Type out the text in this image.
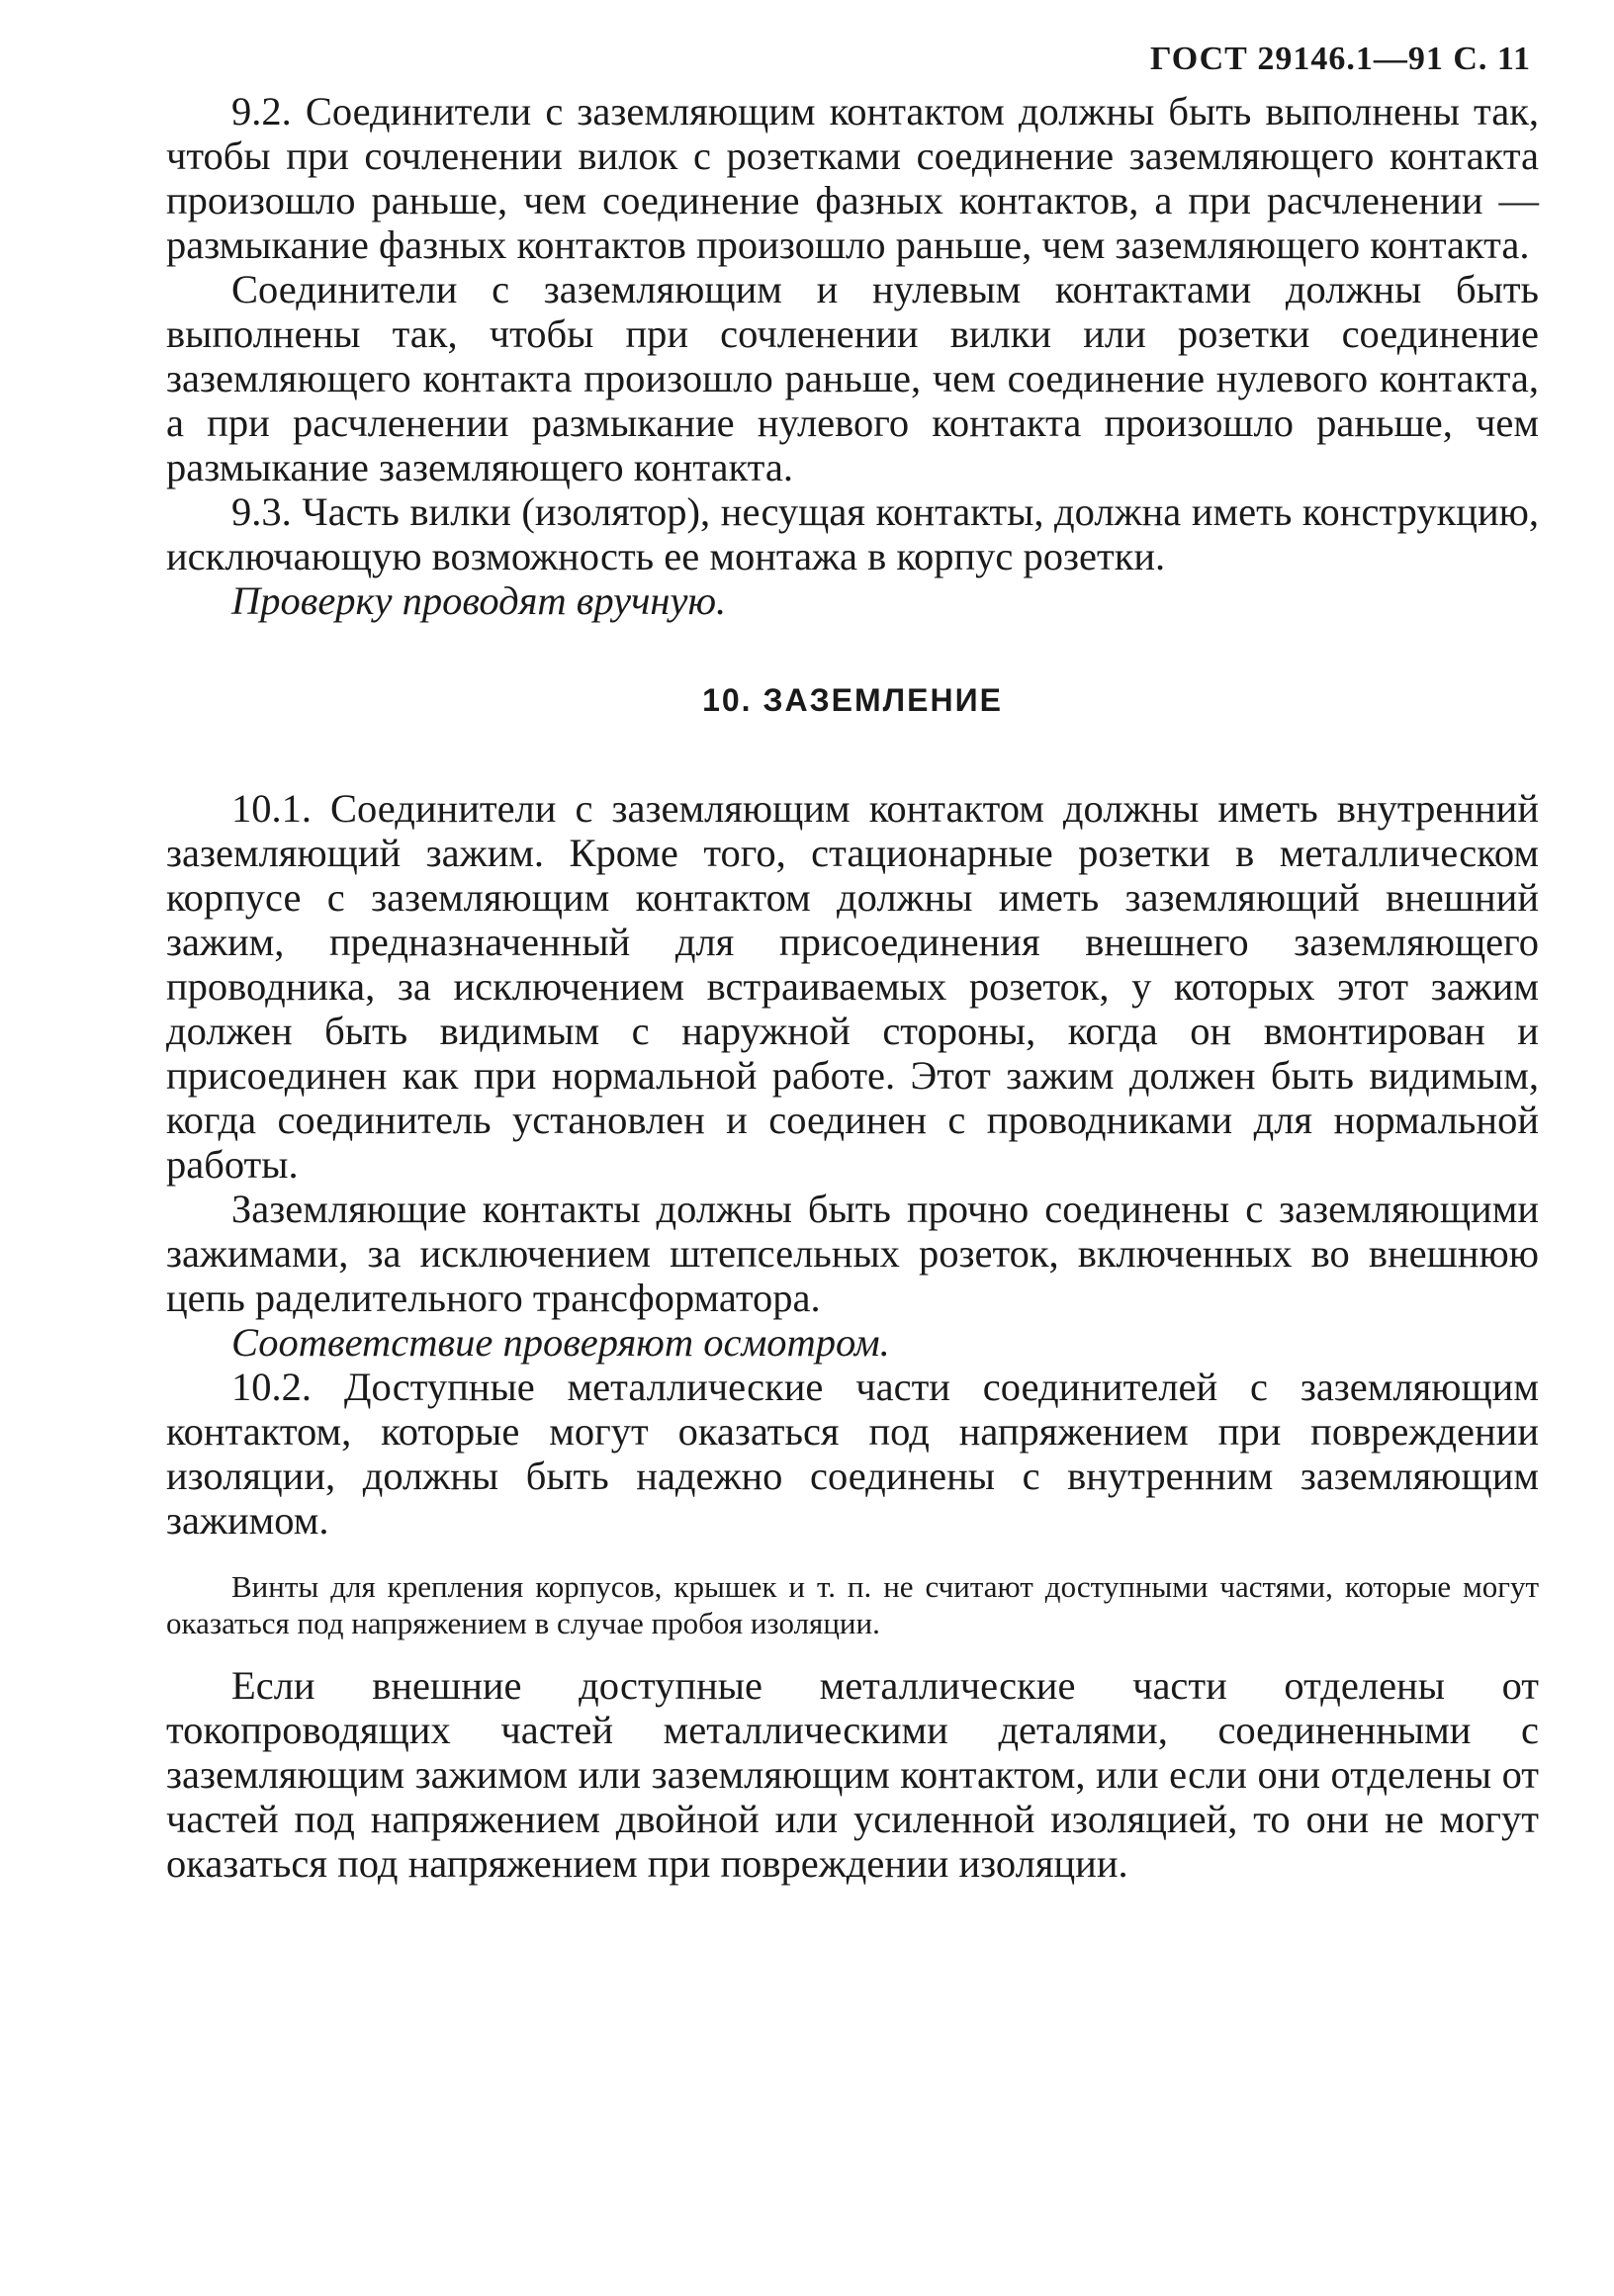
ГОСТ 29146.1—91 С. 11

9.2. Соединители с заземляющим контактом должны быть выполнены так, чтобы при сочленении вилок с розетками соединение заземляющего контакта произошло раньше, чем соединение фазных контактов, а при расчленении — размыкание фазных контактов произошло раньше, чем заземляющего контакта.

Соединители с заземляющим и нулевым контактами должны быть выполнены так, чтобы при сочленении вилки или розетки соединение заземляющего контакта произошло раньше, чем соединение нулевого контакта, а при расчленении размыкание нулевого контакта произошло раньше, чем размыкание заземляющего контакта.

9.3. Часть вилки (изолятор), несущая контакты, должна иметь конструкцию, исключающую возможность ее монтажа в корпус розетки.

Проверку проводят вручную.

10. ЗАЗЕМЛЕНИЕ

10.1. Соединители с заземляющим контактом должны иметь внутренний заземляющий зажим. Кроме того, стационарные розетки в металлическом корпусе с заземляющим контактом должны иметь заземляющий внешний зажим, предназначенный для присоединения внешнего заземляющего проводника, за исключением встраиваемых розеток, у которых этот зажим должен быть видимым с наружной стороны, когда он вмонтирован и присоединен как при нормальной работе. Этот зажим должен быть видимым, когда соединитель установлен и соединен с проводниками для нормальной работы.

Заземляющие контакты должны быть прочно соединены с заземляющими зажимами, за исключением штепсельных розеток, включенных во внешнюю цепь раделительного трансформатора.

Соответствие проверяют осмотром.

10.2. Доступные металлические части соединителей с заземляющим контактом, которые могут оказаться под напряжением при повреждении изоляции, должны быть надежно соединены с внутренним заземляющим зажимом.

Винты для крепления корпусов, крышек и т. п. не считают доступными частями, которые могут оказаться под напряжением в случае пробоя изоляции.

Если внешние доступные металлические части отделены от токопроводящих частей металлическими деталями, соединенными с заземляющим зажимом или заземляющим контактом, или если они отделены от частей под напряжением двойной или усиленной изоляцией, то они не могут оказаться под напряжением при повреждении изоляции.
